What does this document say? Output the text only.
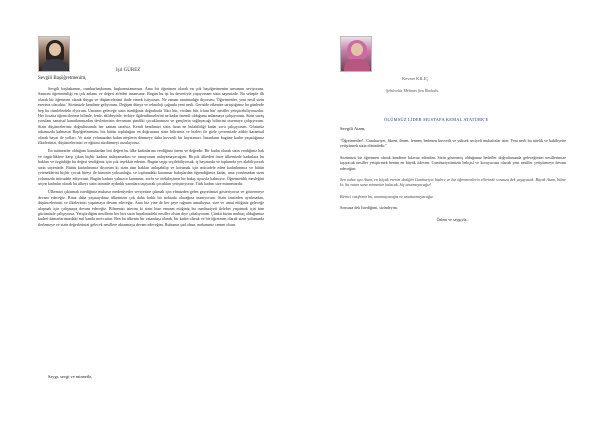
Işıl GÜREZ
Sevgili Başöğretmenim,

Sevgili başbakanım, cumhurbaşkanım, başkomutanımsın. Ama bir öğretmen olarak en çok başöğretmenim unvanını seviyorum. Sanırım öğretmenliği en çok anlamı ve değeri atfeden insansınız. Bugün bu işi bu devretiyle yapıyorsam sizin sayenizde. Bu sebeple ilk olarak bir öğretmen olarak duygu ve düşüncelerimi ifade etmek istiyorum. Ne zaman unutmadığa diyorum; 'Öğretmenler, yeni nesil sizin eseriniz olacaktır.' Sözünüzle kendime geliyorum. Değişen dünya ve teknoloji çağında yeni nesli. Geriside etkenize tartıştığımız bu günlerde hep bu cümlelerdeki elyorum. Umarım geleceğe sizin istediğiniz doğrultuda 'fikri hür, vicdanı hür, irfanı hür' nesiller yetiştirebiliyoruzdur. Her fırsatta öğrencilerime bilimle, fenle, aklıbeyinle, terbiye ilgilendirmelerini ne kadar önemli olduğunu anlatmaya çalışıyorum. Sizin savaş yorulanı sanatsal kanatlarımızdan devletimizin devamını şimdiki çocuklarımıza ve gençlerin sağlayacağı bilincini oturmaya çalışıyorum. Sizin düşünceleriniz doğrultusunda her zaman tarafsız, Kendi kendimizi sizin fizan ne bulabildiği kadar soru çalışıyorum. Gözünüz arkamızda kalmasın Başöğretmenim, biz bütün topluluğun en doğrusunu sizin bilirsiniz ve bizleri ile gizle çevremizde adıbir karamsal olarak hayat ile yolları. Ve sizin yolunuzdan kalan ateşlerin dönmeye daha kuvvetli bir hayatımızı. İnsanların bugüne kadar yaşattığımız fikirlerinizi, düşüncelerinizi ve eğitimi sürdürmeyi arzuluyoruz.

En mümeztler olduğum konulardan biri değeri bu ülke kadınlarına verdiğiniz önem ve değerdir. Bir kadın olarak sizin verdiğiniz hak ve özgürlüklere karşı çıkan hiçbir kadına anlayamadım ve umuyorum anlayamayacağım. Birçok ülkeden önce ülkemizde kadınlara bu hakları ve özgürlüğe bu değeri verdiğiniz için çok teşekkür ederim. Bugün seçip seçilebiliyorsak, iş hayatında ve toplumda yer alabiliyorsak sizin sayenizde. Bütün kadınlarımız diyorum ki sizin tüm hakları anlaşabilip ve korumak için mücadele eden kadınlarımız ve bütün yeteneklerini hiçbir çocuk bireyi ile kiminin yoksunluğu, ve toplumdaki karamsar bakışlardan öğrendiğimiz kadar, ama yorulmadan sizin yolunuzda mücadele ediyorum. Bugün kadına yalnızca karamsar, zorlu ve ötekileştiren bir bakış açısıyla kalmıyor. Öğretmenlik mesleğini seçen kadınlar olarak bu ülkeyi sizin izinizde aydınlık yarınlara taşıyacak çocukları yetiştiriyoruz. Türk kadını size minnettardır.

Ülkemizi çıkarmak istediğiniz muhasır medeniyetler seviyesine çıkmak için elimizden gelen gayretimizi gösteriyoruz ve göstermeye devam edeceğiz. Biraz daha yaşasaydınız ülkemizin çok daha farklı bir noktada olacağına inanıyorum. Sizin izinizden ayrılmadan, düşüncelerinizi ve ilkelerinizi yaşatmaya devam edeceğiz. Ama biz yine de her şeye rağmen umutluyuz, size ve umut ettiğiniz geleceğe ulaşmak için çalışmaya devam edeceğiz. Bilmenizi isterim ki sizin bize emanet ettiğiniz bu cumhuriyeti ilelebet yaşatmak için tüm gücümüzle çalışıyoruz. Yetiştirdiğim nesillerin her biri sizin hayalinizdeki nesiller olsun diye çabalıyorum. Çünkü bizim muhtaç olduğumuz kudret damarlarımızdaki asil kanda mevcuttur. Ben bu ülkenin bir vatandaşı olarak, bir kadın olarak ve bir öğretmen olarak sizin yolunuzda ilerlemeye ve sizin değerlerinizi gelecek nesillere aktarmaya devam edeceğim. Ruhunuz şad olsun, mekanınız cennet olsun.

Saygı, sevgi ve minnetle,
Kevser KILIÇ
Şehitvehir Mehmet Şen İlkokulu
ÖLÜMSÜZ LİDER MUSTAFA KEMAL ATATÜRK'E
Sevgili Atam,

"Öğretmenler!.. Cumhuriyet, fikren, ilmen, fennen, bedenen kuvvetli ve yüksek seciyeli muhafızlar ister. Yeni nesli bu nitelik ve kabiliyette yetiştirmek sizin elinizdedir."

Sözünüzü bir öğretmen olarak kendime kılavuz edindim. Sizin göstermiş olduğunuz hedefler doğrultusunda geleceğimizi nesillerimize taşıyacak nesiller yetiştirmek benim en büyük ödevim. Cumhuriyetimizin bekçisi ve koruyucusu olacak yeni nesiller yetiştirmeye devam edeceğim.

Sen rahat uyu Atam, en büyük eserim dediğin Cumhuriyet bizlere ve biz öğretmenlerin ellerinde sonsuza dek yaşayacak. Büyük Atam, bilme ki; bu vatan sana minnettar kalacak, hiç unutmayacağız!

Birinci vazifemiz bu, unutmayacağız ve unutturmayacağız.

Sonsuza dek İstediğimi, sizindeyim.

Özlem ve saygıyla...
